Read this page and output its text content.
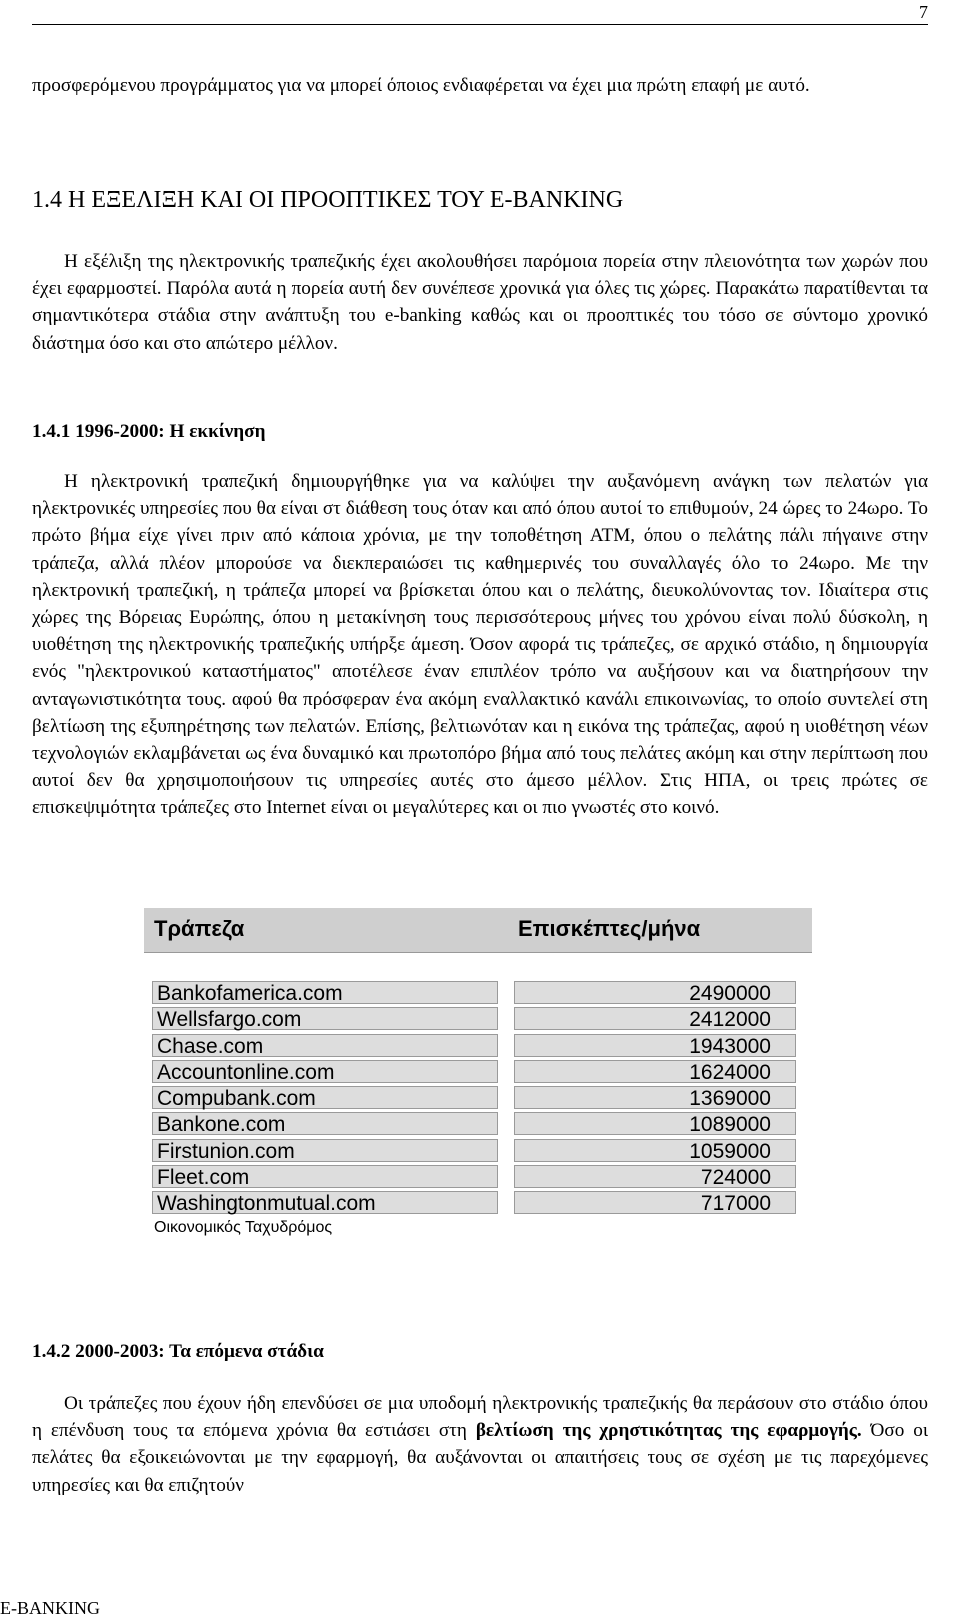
7

προσφερόμενου προγράμματος για να μπορεί όποιος ενδιαφέρεται να έχει μια πρώτη επαφή με αυτό.

1.4 Η ΕΞΕΛΙΞΗ ΚΑΙ ΟΙ ΠΡΟΟΠΤΙΚΕΣ ΤΟΥ E-BANKING

Η εξέλιξη της ηλεκτρονικής τραπεζικής έχει ακολουθήσει παρόμοια πορεία στην πλειονότητα των χωρών που έχει εφαρμοστεί. Παρόλα αυτά η πορεία αυτή δεν συνέπεσε χρονικά για όλες τις χώρες. Παρακάτω παρατίθενται τα σημαντικότερα στάδια στην ανάπτυξη του e-banking καθώς και οι προοπτικές του τόσο σε σύντομο χρονικό διάστημα όσο και στο απώτερο μέλλον.

1.4.1 1996-2000: Η εκκίνηση

Η ηλεκτρονική τραπεζική δημιουργήθηκε για να καλύψει την αυξανόμενη ανάγκη των πελατών για ηλεκτρονικές υπηρεσίες που θα είναι στ διάθεση τους όταν και από όπου αυτοί το επιθυμούν, 24 ώρες το 24ωρο. Το πρώτο βήμα είχε γίνει πριν από κάποια χρόνια, με την τοποθέτηση ΑΤΜ, όπου ο πελάτης πάλι πήγαινε στην τράπεζα, αλλά πλέον μπορούσε να διεκπεραιώσει τις καθημερινές του συναλλαγές όλο το 24ωρο. Με την ηλεκτρονική τραπεζική, η τράπεζα μπορεί να βρίσκεται όπου και ο πελάτης, διευκολύνοντας τον. Ιδιαίτερα στις χώρες της Βόρειας Ευρώπης, όπου η μετακίνηση τους περισσότερους μήνες του χρόνου είναι πολύ δύσκολη, η υιοθέτηση της ηλεκτρονικής τραπεζικής υπήρξε άμεση. Όσον αφορά τις τράπεζες, σε αρχικό στάδιο, η δημιουργία ενός "ηλεκτρονικού καταστήματος" αποτέλεσε έναν επιπλέον τρόπο να αυξήσουν και να διατηρήσουν την ανταγωνιστικότητα τους. αφού θα πρόσφεραν ένα ακόμη εναλλακτικό κανάλι επικοινωνίας, το οποίο συντελεί στη βελτίωση της εξυπηρέτησης των πελατών. Επίσης, βελτιωνόταν και η εικόνα της τράπεζας, αφού η υιοθέτηση νέων τεχνολογιών εκλαμβάνεται ως ένα δυναμικό και πρωτοπόρο βήμα από τους πελάτες ακόμη και στην περίπτωση που αυτοί δεν θα χρησιμοποιήσουν τις υπηρεσίες αυτές στο άμεσο μέλλον. Στις ΗΠΑ, οι τρεις πρώτες σε επισκεψιμότητα τράπεζες στο Internet είναι οι μεγαλύτερες και οι πιο γνωστές στο κοινό.

1.4.2 2000-2003: Τα επόμενα στάδια

Οι τράπεζες που έχουν ήδη επενδύσει σε μια υποδομή ηλεκτρονικής τραπεζικής θα περάσουν στο στάδιο όπου η επένδυση τους τα επόμενα χρόνια θα εστιάσει στη βελτίωση της χρηστικότητας της εφαρμογής. Όσο οι πελάτες θα εξοικειώνονται με την εφαρμογή, θα αυξάνονται οι απαιτήσεις τους σε σχέση με τις παρεχόμενες υπηρεσίες και θα επιζητούν

Τράπεζα	Επισκέπτες/μήνα
Bankofamerica.com	2490000
Wellsfargo.com	2412000
Chase.com	1943000
Accountonline.com	1624000
Compubank.com	1369000
Bankone.com	1089000
Firstunion.com	1059000
Fleet.com	724000
Washingtonmutual.com	717000
Οικονομικός Ταχυδρόμος
E-BANKING
